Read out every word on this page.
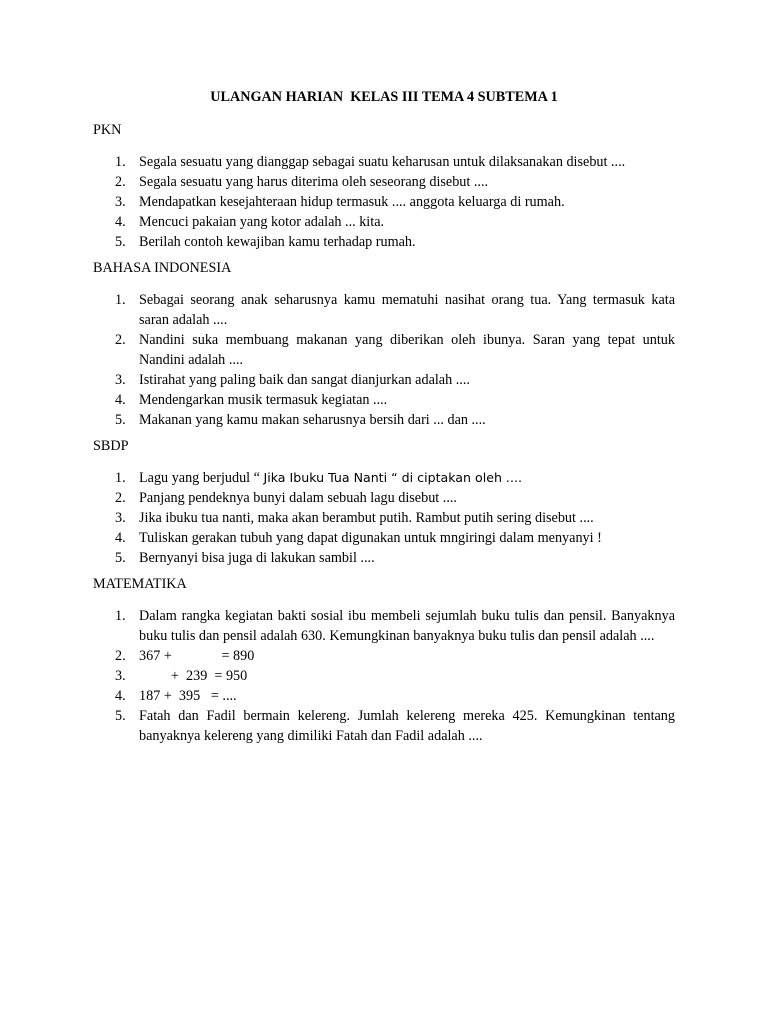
ULANGAN HARIAN  KELAS III TEMA 4 SUBTEMA 1
PKN
1. Segala sesuatu yang dianggap sebagai suatu keharusan untuk dilaksanakan disebut ....
2. Segala sesuatu yang harus diterima oleh seseorang disebut ....
3. Mendapatkan kesejahteraan hidup termasuk .... anggota keluarga di rumah.
4. Mencuci pakaian yang kotor adalah ... kita.
5. Berilah contoh kewajiban kamu terhadap rumah.
BAHASA INDONESIA
1. Sebagai seorang anak seharusnya kamu mematuhi nasihat orang tua. Yang termasuk kata saran adalah ....
2. Nandini suka membuang makanan yang diberikan oleh ibunya. Saran yang tepat untuk Nandini adalah ....
3. Istirahat yang paling baik dan sangat dianjurkan adalah ....
4. Mendengarkan musik termasuk kegiatan ....
5. Makanan yang kamu makan seharusnya bersih dari ... dan ....
SBDP
1. Lagu yang berjudul “ Jika Ibuku Tua Nanti “ di ciptakan oleh ....
2. Panjang pendeknya bunyi dalam sebuah lagu disebut ....
3. Jika ibuku tua nanti, maka akan berambut putih. Rambut putih sering disebut ....
4. Tuliskan gerakan tubuh yang dapat digunakan untuk mngiringi dalam menyanyi !
5. Bernyanyi bisa juga di lakukan sambil ....
MATEMATIKA
1. Dalam rangka kegiatan bakti sosial ibu membeli sejumlah buku tulis dan pensil. Banyaknya buku tulis dan pensil adalah 630. Kemungkinan banyaknya buku tulis dan pensil adalah ....
2. 367 +              = 890
3. +  239  = 950
4. 187 +  395   = ....
5. Fatah dan Fadil bermain kelereng. Jumlah kelereng mereka 425. Kemungkinan tentang banyaknya kelereng yang dimiliki Fatah dan Fadil adalah ....
